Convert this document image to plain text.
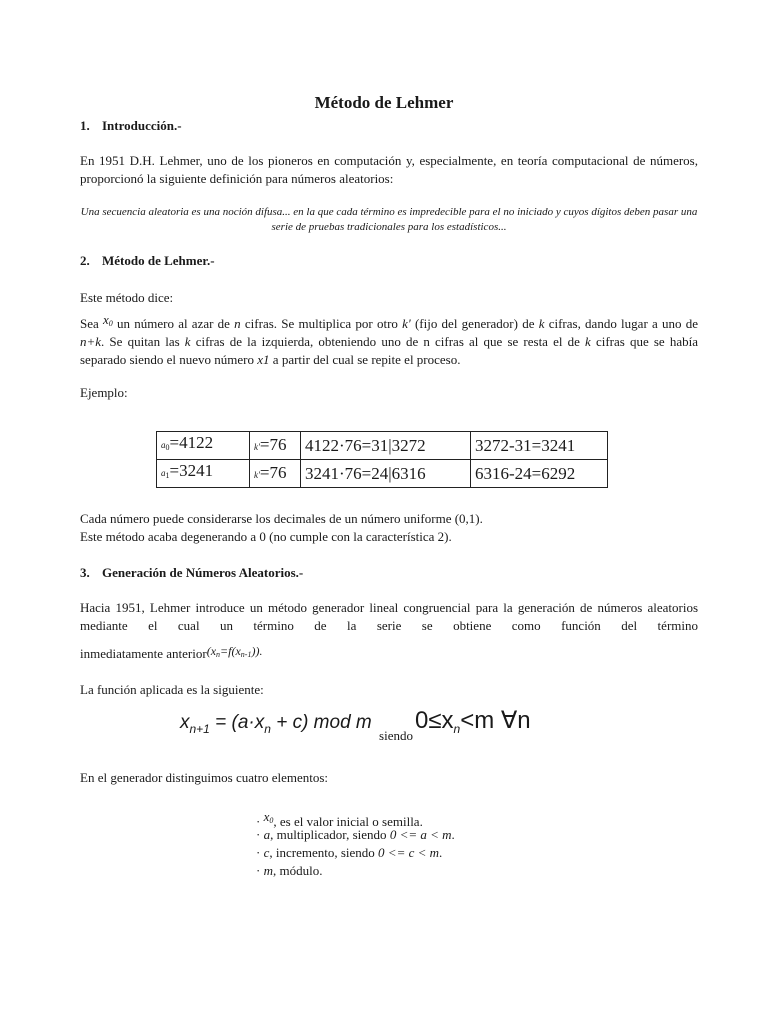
Método de Lehmer
1. Introducción.-
En 1951 D.H. Lehmer, uno de los pioneros en computación y, especialmente, en teoría computacional de números, proporcionó la siguiente definición para números aleatorios:
Una secuencia aleatoria es una noción difusa... en la que cada término es impredecible para el no iniciado y cuyos dígitos deben pasar una serie de pruebas tradicionales para los estadísticos...
2. Método de Lehmer.-
Este método dice:
Sea $x_0$ un número al azar de n cifras. Se multiplica por otro k' (fijo del generador) de k cifras, dando lugar a uno de n+k. Se quitan las k cifras de la izquierda, obteniendo uno de n cifras al que se resta el de k cifras que se había separado siendo el nuevo número x1 a partir del cual se repite el proceso.
Ejemplo:
$a_0=4122$	k'=76	4122·76=31|3272	3272-31=3241
$a_1=3241$	k'=76	3241·76=24|6316	6316-24=6292
Cada número puede considerarse los decimales de un número uniforme (0,1).
Este método acaba degenerando a 0 (no cumple con la característica 2).
3. Generación de Números Aleatorios.-
Hacia 1951, Lehmer introduce un método generador lineal congruencial para la generación de números aleatorios mediante el cual un término de la serie se obtiene como función del término
inmediatamente $anterior(x_n=f(x_{n-1}))$.
La función aplicada es la siguiente:
$x_{n+1} = (a\cdot x_n + c)$ mod m $_{siendo}0\le x_n<m$ ∀n
En el generador distinguimos cuatro elementos:
· $x_0$, es el valor inicial o semilla.
· a, multiplicador, siendo 0 <= a < m.
· c, incremento, siendo 0 <= c < m.
· m, módulo.
